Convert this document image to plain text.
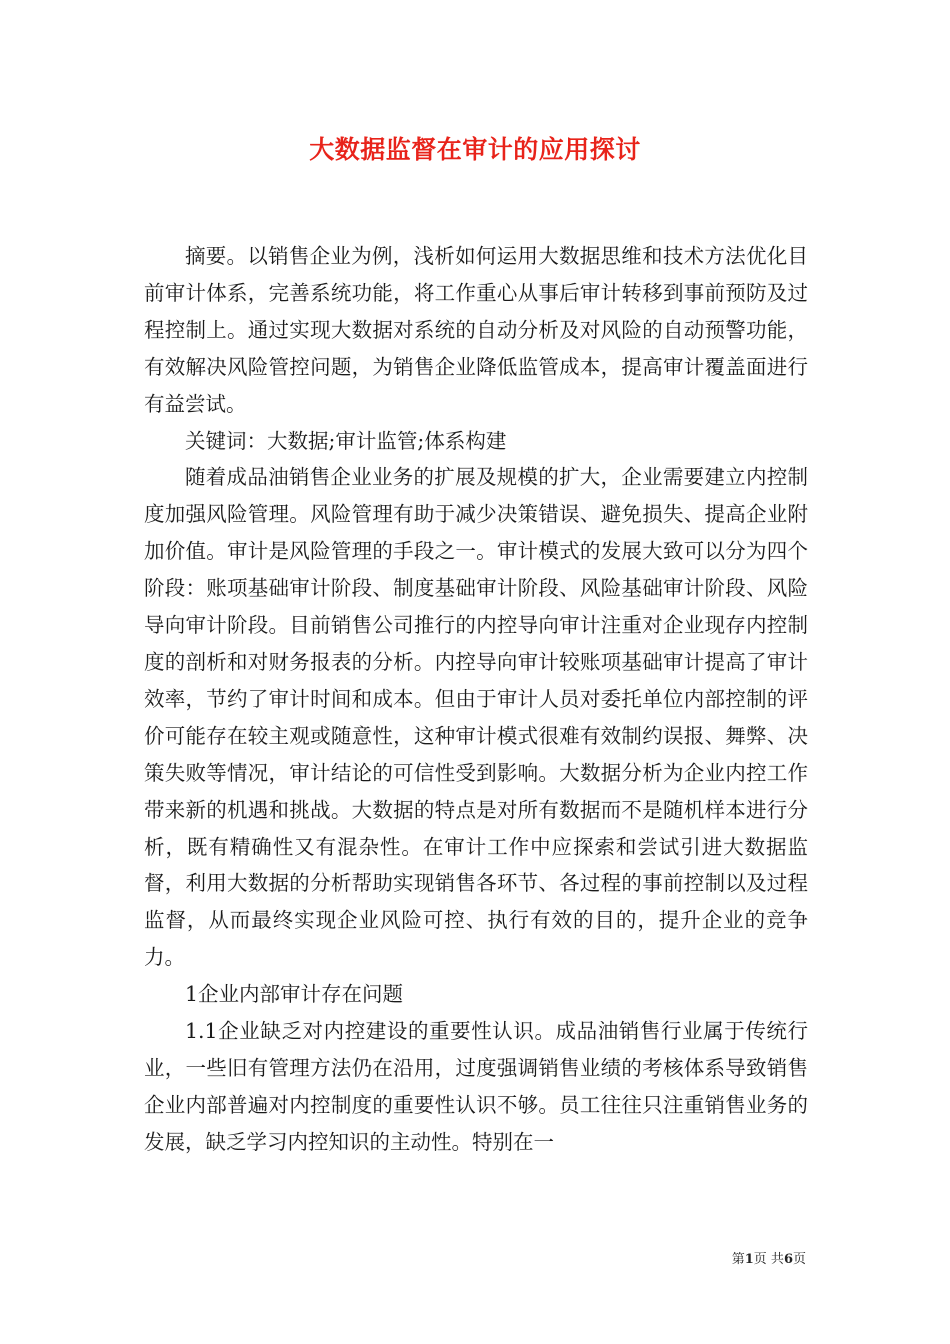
大数据监督在审计的应用探讨

摘要。以销售企业为例，浅析如何运用大数据思维和技术方法优化目前审计体系，完善系统功能，将工作重心从事后审计转移到事前预防及过程控制上。通过实现大数据对系统的自动分析及对风险的自动预警功能，有效解决风险管控问题，为销售企业降低监管成本，提高审计覆盖面进行有益尝试。

关键词：大数据;审计监管;体系构建

随着成品油销售企业业务的扩展及规模的扩大，企业需要建立内控制度加强风险管理。风险管理有助于减少决策错误、避免损失、提高企业附加价值。审计是风险管理的手段之一。审计模式的发展大致可以分为四个阶段：账项基础审计阶段、制度基础审计阶段、风险基础审计阶段、风险导向审计阶段。目前销售公司推行的内控导向审计注重对企业现存内控制度的剖析和对财务报表的分析。内控导向审计较账项基础审计提高了审计效率，节约了审计时间和成本。但由于审计人员对委托单位内部控制的评价可能存在较主观或随意性，这种审计模式很难有效制约误报、舞弊、决策失败等情况，审计结论的可信性受到影响。大数据分析为企业内控工作带来新的机遇和挑战。大数据的特点是对所有数据而不是随机样本进行分析，既有精确性又有混杂性。在审计工作中应探索和尝试引进大数据监督，利用大数据的分析帮助实现销售各环节、各过程的事前控制以及过程监督，从而最终实现企业风险可控、执行有效的目的，提升企业的竞争力。

1企业内部审计存在问题

1.1企业缺乏对内控建设的重要性认识。成品油销售行业属于传统行业，一些旧有管理方法仍在沿用，过度强调销售业绩的考核体系导致销售企业内部普遍对内控制度的重要性认识不够。员工往往只注重销售业务的发展，缺乏学习内控知识的主动性。特别在一

第1页 共6页
